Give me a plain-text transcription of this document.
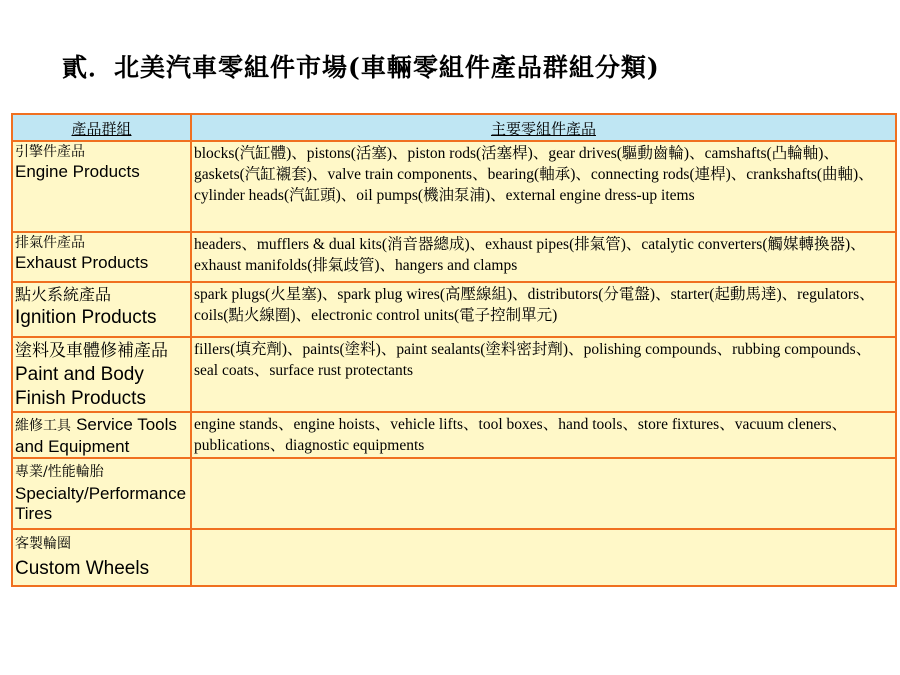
貳．北美汽車零組件市場(車輛零組件產品群組分類)
產品群組	主要零組件產品

引擎件產品
Engine Products	blocks(汽缸體)、pistons(活塞)、piston rods(活塞桿)、gear drives(驅動齒輪)、camshafts(凸輪軸)、gaskets(汽缸襯套)、valve train components、bearing(軸承)、connecting rods(連桿)、crankshafts(曲軸)、cylinder heads(汽缸頭)、oil pumps(機油泵浦)、external engine dress-up items

排氣件產品
Exhaust Products	headers、mufflers & dual kits(消音器總成)、exhaust pipes(排氣管)、catalytic converters(觸媒轉換器)、exhaust manifolds(排氣歧管)、hangers and clamps

點火系統產品
Ignition Products	spark plugs(火星塞)、spark plug wires(高壓線組)、distributors(分電盤)、starter(起動馬達)、regulators、coils(點火線圈)、electronic control units(電子控制單元)
塗料及車體修補產品

Paint and Body Finish Products	fillers(填充劑)、paints(塗料)、paint sealants(塗料密封劑)、polishing compounds、rubbing compounds、seal coats、surface rust protectants
維修工具 Service Tools and Equipment	engine stands、engine hoists、vehicle lifts、tool boxes、hand tools、store fixtures、vacuum cleners、publications、diagnostic equipments

專業/性能輪胎
Specialty/Performance Tires	

客製輪圈
Custom Wheels	
